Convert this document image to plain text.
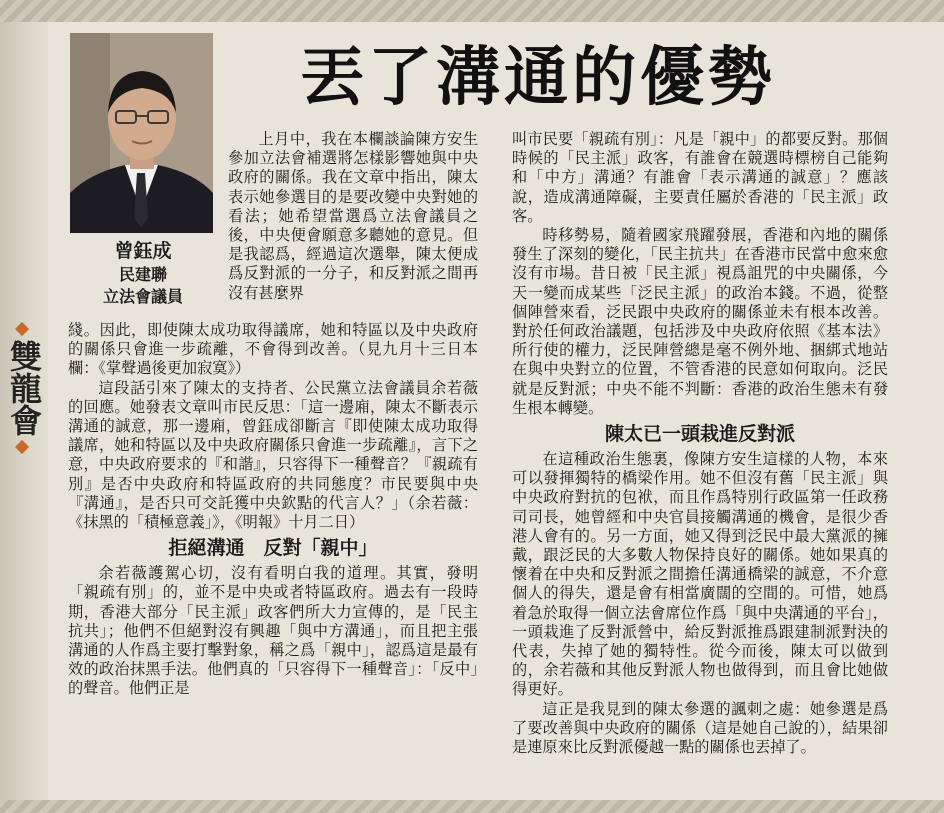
雙龍會
曾鈺成
民建聯
立法會議員
丟了溝通的優勢

上月中，我在本欄談論陳方安生參加立法會補選將怎樣影響她與中央政府的關係。我在文章中指出，陳太表示她參選目的是要改變中央對她的看法；她希望當選爲立法會議員之後，中央便會願意多聽她的意見。但是我認爲，經過這次選舉，陳太便成爲反對派的一分子，和反對派之間再沒有甚麼界

綫。因此，即使陳太成功取得議席，她和特區以及中央政府的關係只會進一步疏離，不會得到改善。（見九月十三日本欄：《掌聲過後更加寂寞》）

這段話引來了陳太的支持者、公民黨立法會議員余若薇的回應。她發表文章叫市民反思：「這一邊廂，陳太不斷表示溝通的誠意，那一邊廂，曾鈺成卻斷言『即使陳太成功取得議席，她和特區以及中央政府關係只會進一步疏離』，言下之意，中央政府要求的『和諧』，只容得下一種聲音？『親疏有別』是否中央政府和特區政府的共同態度？市民要與中央『溝通』，是否只可交託獲中央欽點的代言人？」（余若薇：《抹黑的「積極意義」》，《明報》十月二日）

拒絕溝通　反對「親中」

余若薇護駕心切，沒有看明白我的道理。其實，發明「親疏有別」的，並不是中央或者特區政府。過去有一段時期，香港大部分「民主派」政客們所大力宣傳的，是「民主抗共」；他們不但絕對沒有興趣「與中方溝通」，而且把主張溝通的人作爲主要打擊對象，稱之爲「親中」，認爲這是最有效的政治抹黑手法。他們真的「只容得下一種聲音」：「反中」的聲音。他們正是

叫市民要「親疏有別」：凡是「親中」的都要反對。那個時候的「民主派」政客，有誰會在競選時標榜自己能夠和「中方」溝通？有誰會「表示溝通的誠意」？應該說，造成溝通障礙，主要責任屬於香港的「民主派」政客。

時移勢易，隨着國家飛躍發展，香港和內地的關係發生了深刻的變化，「民主抗共」在香港市民當中愈來愈沒有市場。昔日被「民主派」視爲詛咒的中央關係，今天一變而成某些「泛民主派」的政治本錢。不過，從整個陣營來看，泛民跟中央政府的關係並未有根本改善。對於任何政治議題，包括涉及中央政府依照《基本法》所行使的權力，泛民陣營總是毫不例外地、捆綁式地站在與中央對立的位置，不管香港的民意如何取向。泛民就是反對派；中央不能不判斷：香港的政治生態未有發生根本轉變。

陳太已一頭栽進反對派

在這種政治生態裏，像陳方安生這樣的人物，本來可以發揮獨特的橋梁作用。她不但沒有舊「民主派」與中央政府對抗的包袱，而且作爲特別行政區第一任政務司司長，她曾經和中央官員接觸溝通的機會，是很少香港人會有的。另一方面，她又得到泛民中最大黨派的擁戴，跟泛民的大多數人物保持良好的關係。她如果真的懷着在中央和反對派之間擔任溝通橋梁的誠意，不介意個人的得失，還是會有相當廣闊的空間的。可惜，她爲着急於取得一個立法會席位作爲「與中央溝通的平台」，一頭栽進了反對派營中，給反對派推爲跟建制派對決的代表，失掉了她的獨特性。從今而後，陳太可以做到的，余若薇和其他反對派人物也做得到，而且會比她做得更好。

這正是我見到的陳太參選的諷刺之處：她參選是爲了要改善與中央政府的關係（這是她自己說的），結果卻是連原來比反對派優越一點的關係也丟掉了。
